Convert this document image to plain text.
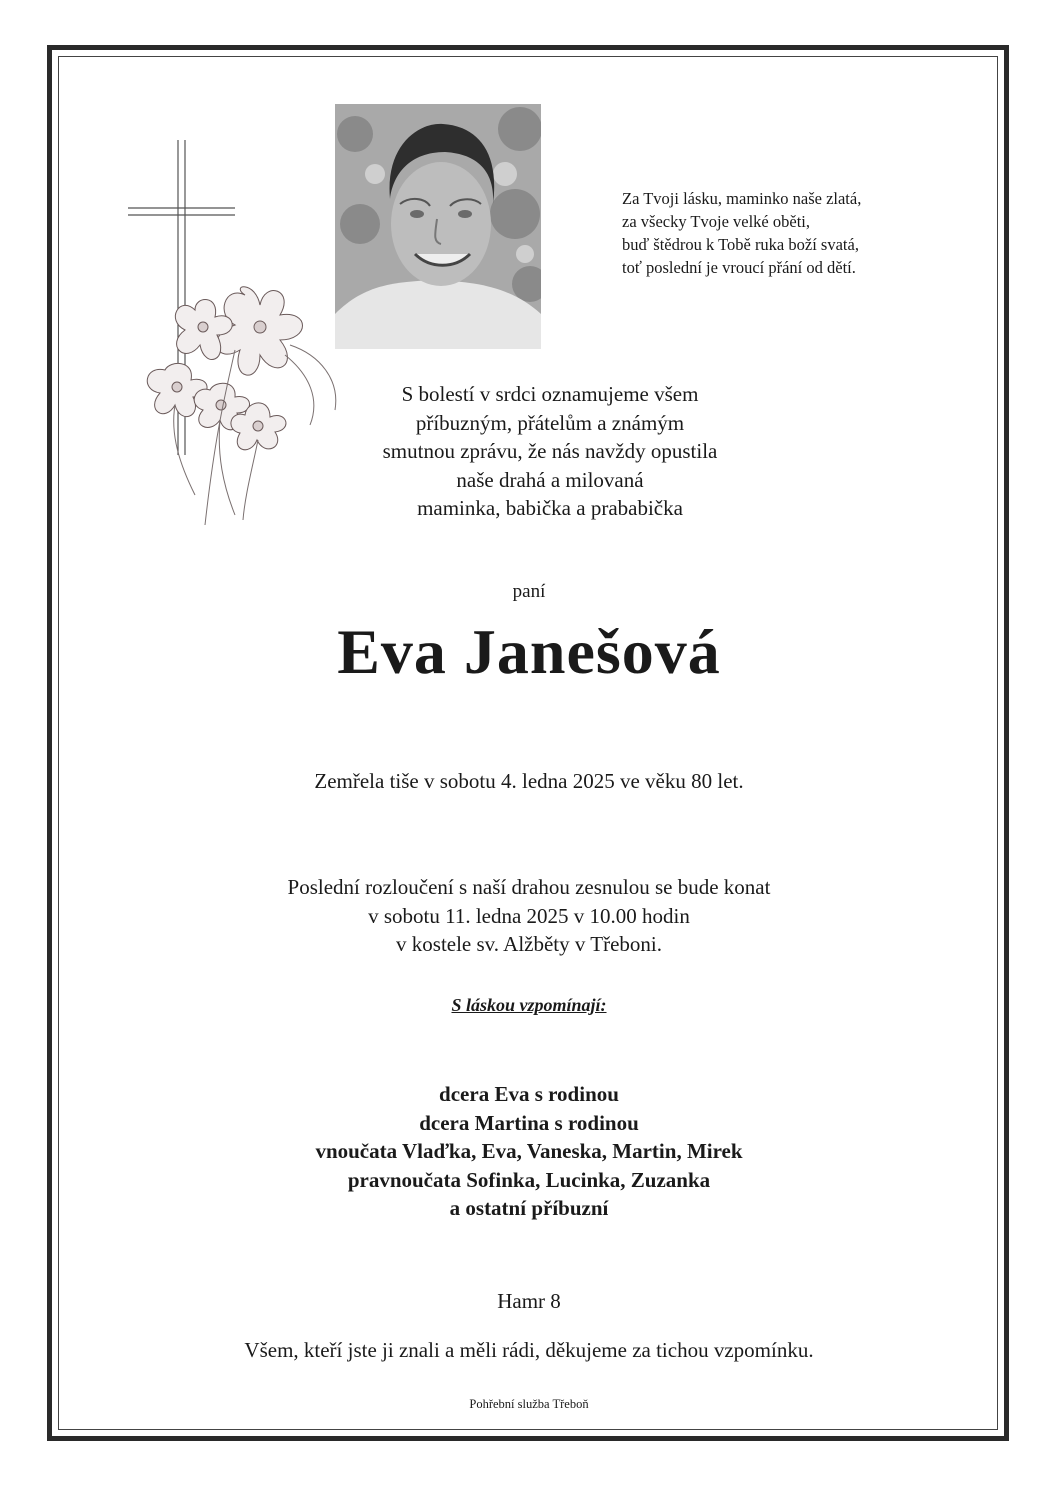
Za Tvoji lásku, maminko naše zlatá,
za všecky Tvoje velké oběti,
buď štědrou k Tobě ruka boží svatá,
toť poslední je vroucí přání od dětí.
S bolestí v srdci oznamujeme všem
příbuzným, přátelům a známým
smutnou zprávu, že nás navždy opustila
naše drahá a milovaná
maminka, babička a prababička
paní
Eva Janešová
Zemřela tiše v sobotu 4. ledna 2025 ve věku 80 let.
Poslední rozloučení s naší drahou zesnulou se bude konat
v sobotu 11. ledna 2025 v 10.00 hodin
v kostele sv. Alžběty v Třeboni.
S láskou vzpomínají:
dcera Eva s rodinou
dcera Martina s rodinou
vnoučata Vlaďka, Eva, Vaneska, Martin, Mirek
pravnoučata Sofinka, Lucinka, Zuzanka
a ostatní příbuzní
Hamr 8
Všem, kteří jste ji znali a měli rádi, děkujeme za tichou vzpomínku.
Pohřební služba Třeboň
